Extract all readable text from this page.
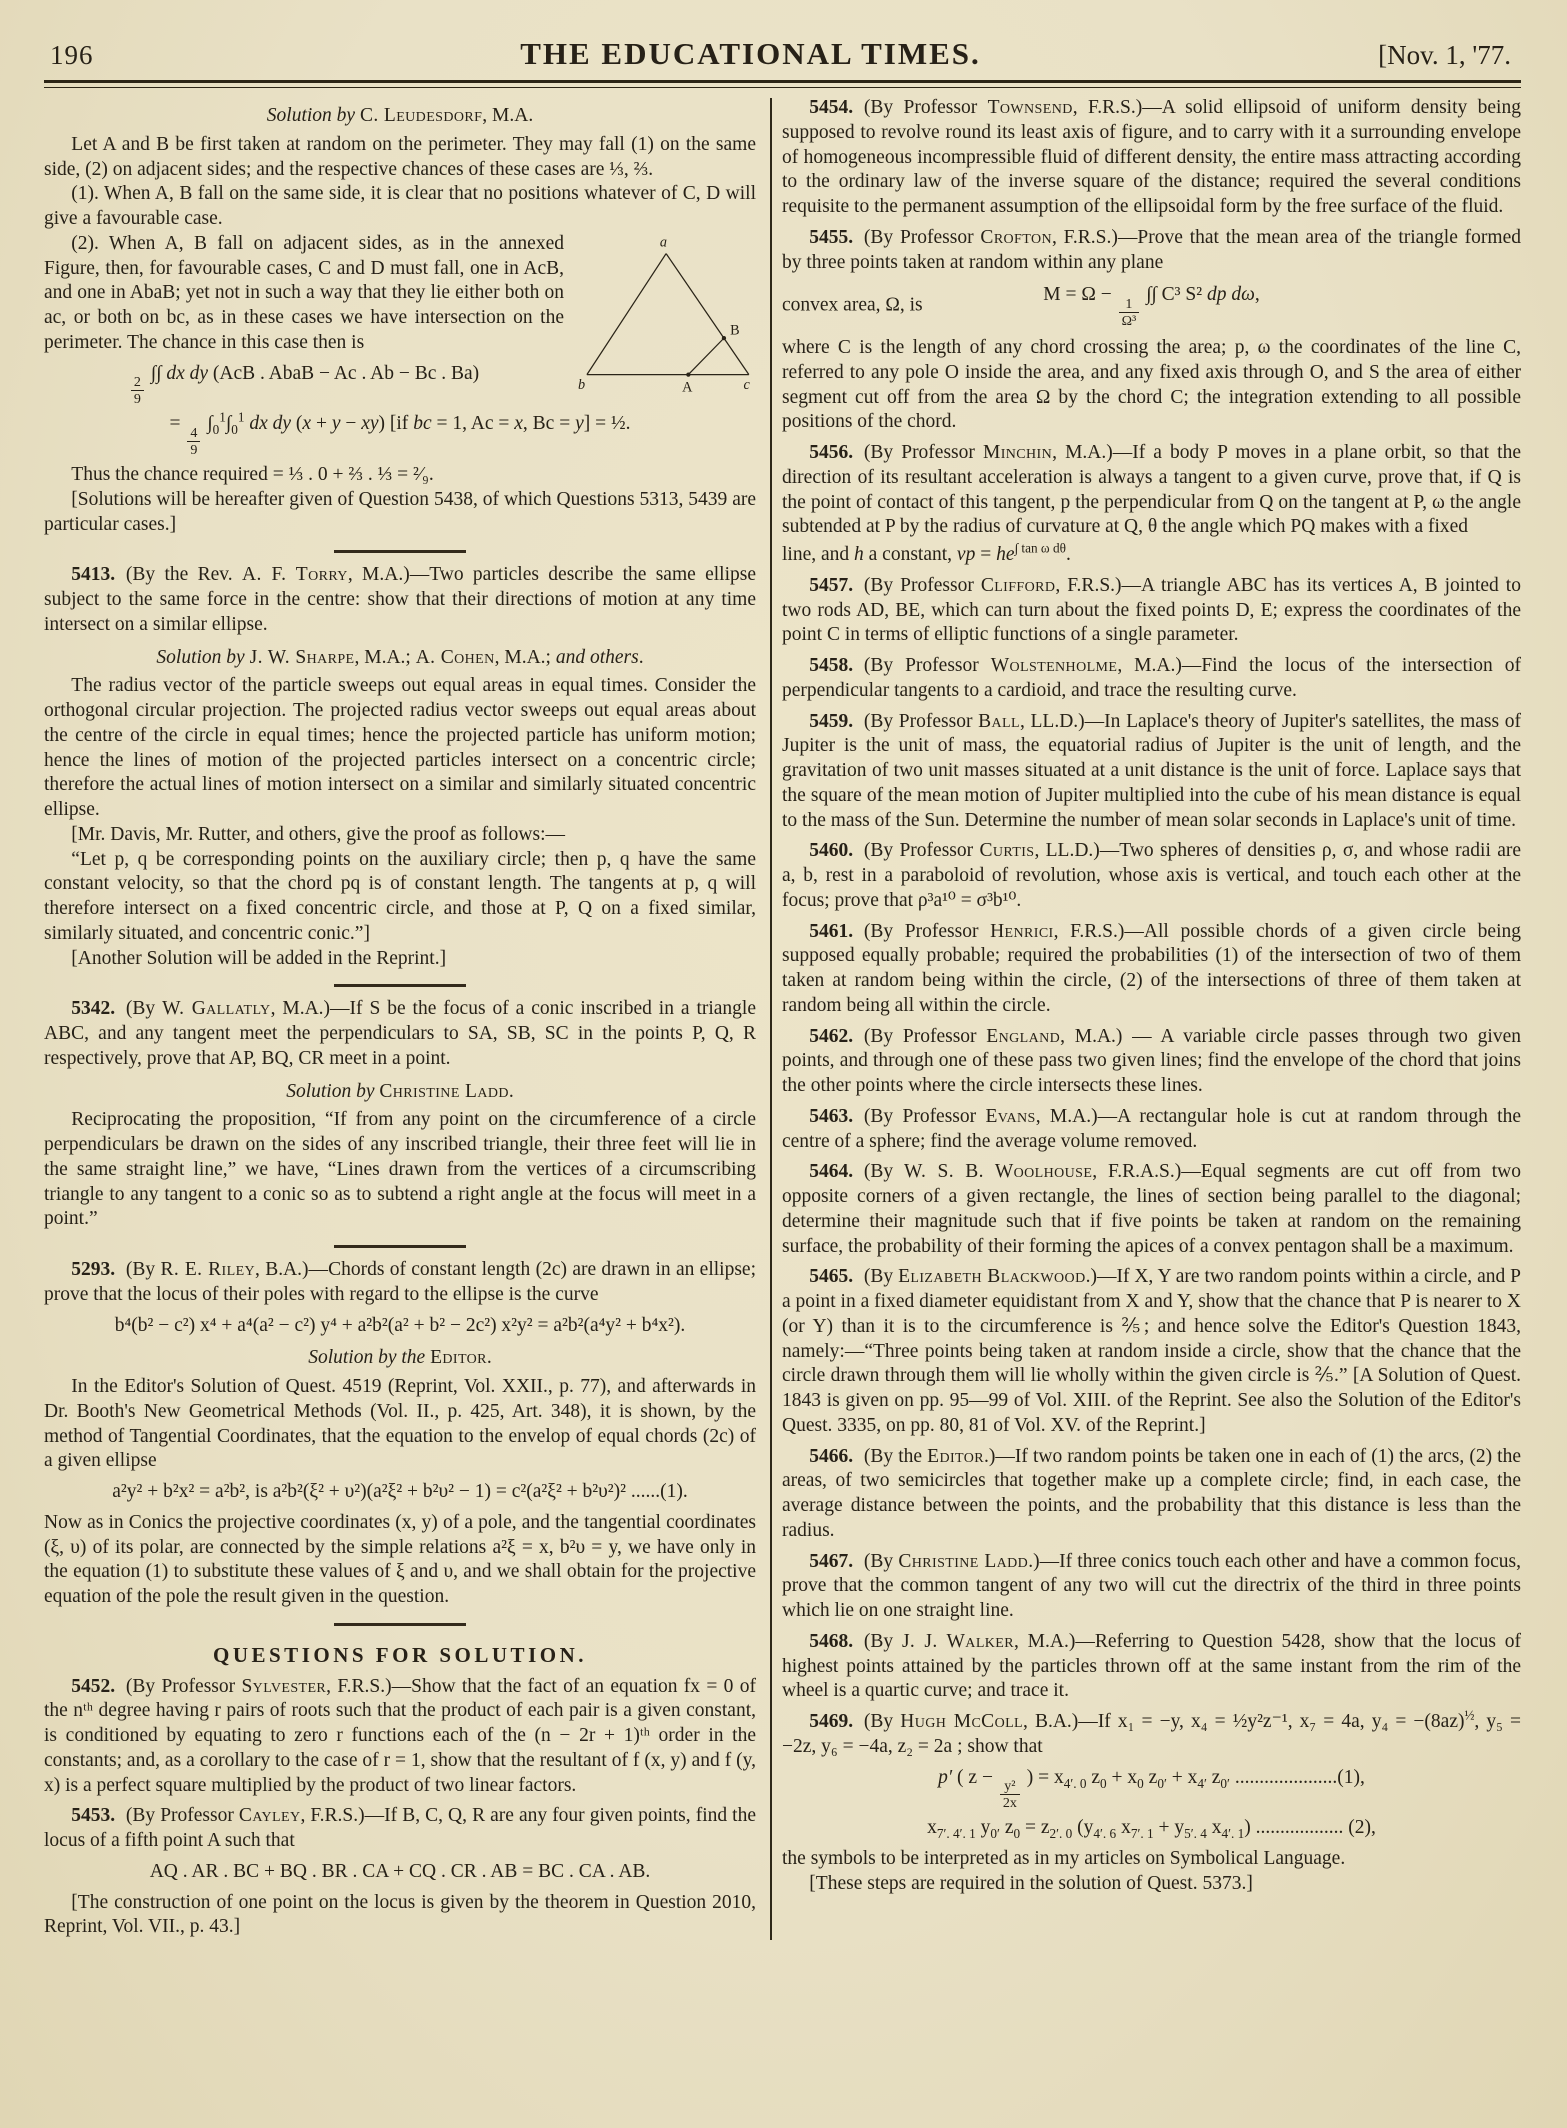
196	THE EDUCATIONAL TIMES.	[Nov. 1, '77.

Solution by C. Leudesdorf, M.A.

Let A and B be first taken at random on the perimeter. They may fall (1) on the same side, (2) on adjacent sides; and the respective chances of these cases are ⅓, ⅔.

(1). When A, B fall on the same side, it is clear that no positions whatever of C, D will give a favourable case.

a
b	c
B
A

(2). When A, B fall on adjacent sides, as in the annexed Figure, then, for favourable cases, C and D must fall, one in AcB, and one in AbaB; yet not in such a way that they lie either both on ac, or both on bc, as in these cases we have intersection on the perimeter. The chance in this case then is

$\frac{2}{9}$
∫∫ dx dy (AcB . AbaB − Ac . Ab − Bc . Ba)
=
$\frac{4}{9}$
$\int_0^1\int_0^1$ dx dy (x + y − xy) [if bc = 1, Ac = x, Bc = y] = ½.

Thus the chance required = ⅓ . 0 + ⅔ . ⅓ = ²⁄₉.

[Solutions will be hereafter given of Question 5438, of which Questions 5313, 5439 are particular cases.]

5413. (By the Rev. A. F. Torry, M.A.)—Two particles describe the same ellipse subject to the same force in the centre: show that their directions of motion at any time intersect on a similar ellipse.

Solution by J. W. Sharpe, M.A.; A. Cohen, M.A.; and others.

The radius vector of the particle sweeps out equal areas in equal times. Consider the orthogonal circular projection. The projected radius vector sweeps out equal areas about the centre of the circle in equal times; hence the projected particle has uniform motion; hence the lines of motion of the projected particles intersect on a concentric circle; therefore the actual lines of motion intersect on a similar and similarly situated concentric ellipse.

[Mr. Davis, Mr. Rutter, and others, give the proof as follows:—

“Let p, q be corresponding points on the auxiliary circle; then p, q have the same constant velocity, so that the chord pq is of constant length. The tangents at p, q will therefore intersect on a fixed concentric circle, and those at P, Q on a fixed similar, similarly situated, and concentric conic.”]

[Another Solution will be added in the Reprint.]

5342. (By W. Gallatly, M.A.)—If S be the focus of a conic inscribed in a triangle ABC, and any tangent meet the perpendiculars to SA, SB, SC in the points P, Q, R respectively, prove that AP, BQ, CR meet in a point.

Solution by Christine Ladd.

Reciprocating the proposition, “If from any point on the circumference of a circle perpendiculars be drawn on the sides of any inscribed triangle, their three feet will lie in the same straight line,” we have, “Lines drawn from the vertices of a circumscribing triangle to any tangent to a conic so as to subtend a right angle at the focus will meet in a point.”

5293. (By R. E. Riley, B.A.)—Chords of constant length (2c) are drawn in an ellipse; prove that the locus of their poles with regard to the ellipse is the curve

b⁴(b² − c²) x⁴ + a⁴(a² − c²) y⁴ + a²b²(a² + b² − 2c²) x²y² = a²b²(a⁴y² + b⁴x²).

Solution by the Editor.

In the Editor's Solution of Quest. 4519 (Reprint, Vol. XXII., p. 77), and afterwards in Dr. Booth's New Geometrical Methods (Vol. II., p. 425, Art. 348), it is shown, by the method of Tangential Coordinates, that the equation to the envelop of equal chords (2c) of a given ellipse

a²y² + b²x² = a²b², is a²b²(ξ² + υ²)(a²ξ² + b²υ² − 1) = c²(a²ξ² + b²υ²)² ......(1).

Now as in Conics the projective coordinates (x, y) of a pole, and the tangential coordinates (ξ, υ) of its polar, are connected by the simple relations a²ξ = x, b²υ = y, we have only in the equation (1) to substitute these values of ξ and υ, and we shall obtain for the projective equation of the pole the result given in the question.

QUESTIONS FOR SOLUTION.

5452. (By Professor Sylvester, F.R.S.)—Show that the fact of an equation fx = 0 of the nᵗʰ degree having r pairs of roots such that the product of each pair is a given constant, is conditioned by equating to zero r functions each of the (n − 2r + 1)ᵗʰ order in the constants; and, as a corollary to the case of r = 1, show that the resultant of f (x, y) and f (y, x) is a perfect square multiplied by the product of two linear factors.

5453. (By Professor Cayley, F.R.S.)—If B, C, Q, R are any four given points, find the locus of a fifth point A such that

AQ . AR . BC + BQ . BR . CA + CQ . CR . AB = BC . CA . AB.

[The construction of one point on the locus is given by the theorem in Question 2010, Reprint, Vol. VII., p. 43.]

5454. (By Professor Townsend, F.R.S.)—A solid ellipsoid of uniform density being supposed to revolve round its least axis of figure, and to carry with it a surrounding envelope of homogeneous incompressible fluid of different density, the entire mass attracting according to the ordinary law of the inverse square of the distance; required the several conditions requisite to the permanent assumption of the ellipsoidal form by the free surface of the fluid.

5455. (By Professor Crofton, F.R.S.)—Prove that the mean area of the triangle formed by three points taken at random within any plane

convex area, Ω, is	M = Ω −
$\frac{1}{\text{Ω³}}$
∫∫ C³ S² dp dω,

where C is the length of any chord crossing the area; p, ω the coordinates of the line C, referred to any pole O inside the area, and any fixed axis through O, and S the area of either segment cut off from the area Ω by the chord C; the integration extending to all possible positions of the chord.

5456. (By Professor Minchin, M.A.)—If a body P moves in a plane orbit, so that the direction of its resultant acceleration is always a tangent to a given curve, prove that, if Q is the point of contact of this tangent, p the perpendicular from Q on the tangent at P, ω the angle subtended at P by the radius of curvature at Q, θ the angle which PQ makes with a fixed

line, and h a constant, vp = $he^{\int tan \omega d\theta}$.

5457. (By Professor Clifford, F.R.S.)—A triangle ABC has its vertices A, B jointed to two rods AD, BE, which can turn about the fixed points D, E; express the coordinates of the point C in terms of elliptic functions of a single parameter.

5458. (By Professor Wolstenholme, M.A.)—Find the locus of the intersection of perpendicular tangents to a cardioid, and trace the resulting curve.

5459. (By Professor Ball, LL.D.)—In Laplace's theory of Jupiter's satellites, the mass of Jupiter is the unit of mass, the equatorial radius of Jupiter is the unit of length, and the gravitation of two unit masses situated at a unit distance is the unit of force. Laplace says that the square of the mean motion of Jupiter multiplied into the cube of his mean distance is equal to the mass of the Sun. Determine the number of mean solar seconds in Laplace's unit of time.

5460. (By Professor Curtis, LL.D.)—Two spheres of densities ρ, σ, and whose radii are a, b, rest in a paraboloid of revolution, whose axis is vertical, and touch each other at the focus; prove that ρ³a¹⁰ = σ³b¹⁰.

5461. (By Professor Henrici, F.R.S.)—All possible chords of a given circle being supposed equally probable; required the probabilities (1) of the intersection of two of them taken at random being within the circle, (2) of the intersections of three of them taken at random being all within the circle.

5462. (By Professor England, M.A.) — A variable circle passes through two given points, and through one of these pass two given lines; find the envelope of the chord that joins the other points where the circle intersects these lines.

5463. (By Professor Evans, M.A.)—A rectangular hole is cut at random through the centre of a sphere; find the average volume removed.

5464. (By W. S. B. Woolhouse, F.R.A.S.)—Equal segments are cut off from two opposite corners of a given rectangle, the lines of section being parallel to the diagonal; determine their magnitude such that if five points be taken at random on the remaining surface, the probability of their forming the apices of a convex pentagon shall be a maximum.

5465. (By Elizabeth Blackwood.)—If X, Y are two random points within a circle, and P a point in a fixed diameter equidistant from X and Y, show that the chance that P is nearer to X (or Y) than it is to the circumference is ⅖; and hence solve the Editor's Question 1843, namely:—“Three points being taken at random inside a circle, show that the chance that the circle drawn through them will lie wholly within the given circle is ⅖.” [A Solution of Quest. 1843 is given on pp. 95—99 of Vol. XIII. of the Reprint. See also the Solution of the Editor's Quest. 3335, on pp. 80, 81 of Vol. XV. of the Reprint.]

5466. (By the Editor.)—If two random points be taken one in each of (1) the arcs, (2) the areas, of two semicircles that together make up a complete circle; find, in each case, the average distance between the points, and the probability that this distance is less than the radius.

5467. (By Christine Ladd.)—If three conics touch each other and have a common focus, prove that the common tangent of any two will cut the directrix of the third in three points which lie on one straight line.

5468. (By J. J. Walker, M.A.)—Referring to Question 5428, show that the locus of highest points attained by the particles thrown off at the same instant from the rim of the wheel is a quartic curve; and trace it.

5469. (By Hugh McColl, B.A.)—If x₁ = −y, x₄ = ½y²z⁻¹, x₇ = 4a, $y_4 = -(8az)^{\frac{1}{2}}$, y₅ = −2z, y₆ = −4a, z₂ = 2a ; show that

p′ ( z −
$\frac{\text{y²}}{2x}$
) = $x_{4'. 0}$ $z_0 + x_0$ $z_{0'} + x_{4'}$ $z_{0'}$ .....................(1),
$x_{7'. 4'. 1}$ $y_{0'}$ $z_0 = z_{2'. 0}$ ($y_{4'. 6}$ $x_{7'. 1} + y_{5'. 4}$ $x_{4'. 1}$) .................. (2),

the symbols to be interpreted as in my articles on Symbolical Language.

[These steps are required in the solution of Quest. 5373.]
